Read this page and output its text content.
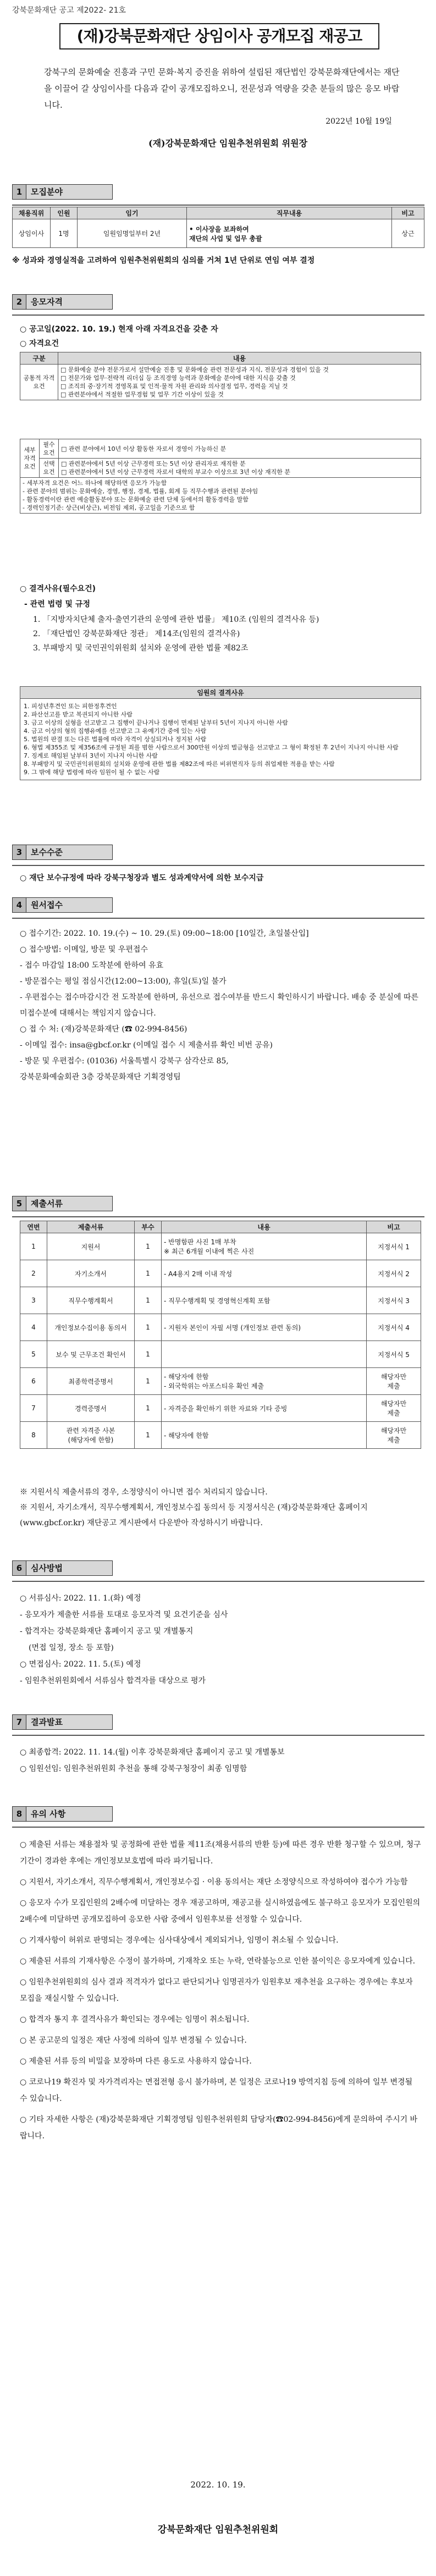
강북문화재단 공고 제2022- 21호
(재)강북문화재단 상임이사 공개모집 재공고
강북구의 문화예술 진흥과 구민 문화·복지 증진을 위하여 설립된 재단법인 강북문화재단에서는 재단을 이끌어 갈 상임이사를 다음과 같이 공개모집하오니, 전문성과 역량을 갖춘 분들의 많은 응모 바랍니다.
2022년 10월 19일
(재)강북문화재단 임원추천위원회 위원장
1	모집분야
채용직위	인원	임기	직무내용	비고
상임이사	1명	임원임명일부터 2년	• 이사장을 보좌하여
재단의 사업 및 업무 총괄	상근
※ 성과와 경영실적을 고려하여 임원추천위원회의 심의를 거쳐 1년 단위로 연임 여부 결정
2	응모자격
○ 공고일(2022. 10. 19.) 현재 아래 자격요건을 갖춘 자
○ 자격요건
구분	내용
공통적 자격요건	□ 문화예술 분야 전문가로서 설만예술 진흥 및 문화예술 관련 전문성과 지식, 전문성과 경험이 있을 것
□ 전문가와 업무·전략적 리더십 등 조직경영 능력과 문화예술 분야에 대한 지식을 갖출 것
□ 조직의 중·장기적 경영목표 및 인적·물적 자원 관리와 의사결정 업무, 경력을 지닐 것
□ 관련분야에서 적절한 업무경험 및 업무 기간 이상이 있을 것
세부자격요건	필수요건	□ 관련 분야에서 10년 이상 활동한 자로서 경영이 가능하신 분
	선택요건	□ 관련분야에서 5년 이상 근무경력 또는 5년 이상 관리자로 재직한 분
□ 관련분야에서 5년 이상 근무경력 자로서 대학의 부교수 이상으로 3년 이상 재직한 분

- 세부자격 요건은 어느 하나에 해당하면 응모가 가능함
- 관련 분야의 범위는 문화예술, 경영, 행정, 경제, 법률, 회계 등 직무수행과 관련된 분야임
- 활동경력이란 관련 예술활동분야 또는 문화예술 관련 단체 등에서의 활동경력을 말함
- 경력인정기준: 상근(비상근), 비전임 제외, 공고일을 기준으로 함		
○ 결격사유(필수요건)
- 관련 법령 및 규정
1. 「지방자치단체 출자·출연기관의 운영에 관한 법률」 제10조 (임원의 결격사유 등)
2. 「재단법인 강북문화재단 정관」 제14조(임원의 결격사유)
3. 부패방지 및 국민권익위원회 설치와 운영에 관한 법률 제82조
임원의 결격사유

1. 피성년후견인 또는 피한정후견인
2. 파산선고를 받고 복권되지 아니한 사람
3. 금고 이상의 실형을 선고받고 그 집행이 끝나거나 집행이 면제된 날부터 5년이 지나지 아니한 사람
4. 금고 이상의 형의 집행유예를 선고받고 그 유예기간 중에 있는 사람
5. 법원의 판결 또는 다른 법률에 따라 자격이 상실되거나 정지된 사람
6. 형법 제355조 및 제356조에 규정된 죄를 범한 사람으로서 300만원 이상의 벌금형을 선고받고 그 형이 확정된 후 2년이 지나지 아니한 사람
7. 징계로 해임된 날부터 3년이 지나지 아니한 사람
8. 부패방지 및 국민권익위원회의 설치와 운영에 관한 법률 제82조에 따른 비위면직자 등의 취업제한 적용을 받는 사람
9. 그 밖에 해당 법령에 따라 임원이 될 수 없는 사람
3	보수수준
○ 재단 보수규정에 따라 강북구청장과 별도 성과계약서에 의한 보수지급
4	원서접수
○ 접수기간: 2022. 10. 19.(수) ~ 10. 29.(토) 09:00~18:00 [10일간, 초일불산입]
○ 접수방법: 이메일, 방문 및 우편접수
- 접수 마감일 18:00 도착분에 한하여 유효
- 방문접수는 평일 점심시간(12:00~13:00), 휴일(토)일 불가
- 우편접수는 접수마감시간 전 도착분에 한하며, 유선으로 접수여부를 반드시 확인하시기 바랍니다. 배송 중 분실에 따른 미접수분에 대해서는 책임지지 않습니다.
○ 접 수 처: (재)강북문화재단 (☎ 02-994-8456)
- 이메일 접수: insa@gbcf.or.kr (이메일 접수 시 제출서류 확인 비번 공유)
- 방문 및 우편접수: (01036) 서울특별시 강북구 삼각산로 85,
강북문화예술회관 3층 강북문화재단 기획경영팀
5	제출서류
연번	제출서류	부수	내용	비고
1	지원서	1	- 반명함판 사진 1매 부착
※ 최근 6개월 이내에 찍은 사진	지정서식 1
2	자기소개서	1	- A4용지 2매 이내 작성	지정서식 2
3	직무수행계획서	1	- 직무수행계획 및 경영혁신계획 포함	지정서식 3
4	개인정보수집이용 동의서	1	- 지원자 본인이 자필 서명 (개인정보 관련 동의)	지정서식 4
5	보수 및 근무조건 확인서	1		지정서식 5
6	최종학력증명서	1	- 해당자에 한함
- 외국학위는 아포스티유 확인 제출	해당자만
제출
7	경력증명서	1	- 자격증을 확인하기 위한 자료와 기타 증빙	해당자만
제출
8	관련 자격증 사본
(해당자에 한함)	1	- 해당자에 한함	해당자만
제출
※ 지원서식 제출서류의 경우, 소정양식이 아니면 접수 처리되지 않습니다.
※ 지원서, 자기소개서, 직무수행계획서, 개인정보수집 동의서 등 지정서식은 (재)강북문화재단 홈페이지(www.gbcf.or.kr) 재단공고 게시판에서 다운받아 작성하시기 바랍니다.
6	심사방법
○ 서류심사: 2022. 11. 1.(화) 예정
- 응모자가 제출한 서류를 토대로 응모자격 및 요건기준을 심사
- 합격자는 강북문화재단 홈페이지 공고 및 개별통지
(면접 일정, 장소 등 포함)
○ 면접심사: 2022. 11. 5.(토) 예정
- 임원추천위원회에서 서류심사 합격자를 대상으로 평가
7	결과발표
○ 최종합격: 2022. 11. 14.(월) 이후 강북문화재단 홈페이지 공고 및 개별통보
○ 임원선임: 임원추천위원회 추천을 통해 강북구청장이 최종 임명함
8	유의 사항
○ 제출된 서류는 채용절차 및 공정화에 관한 법률 제11조(채용서류의 반환 등)에 따른 경우 반환 청구할 수 있으며, 청구기간이 경과한 후에는 개인정보보호법에 따라 파기됩니다.
○ 지원서, 자기소개서, 직무수행계획서, 개인정보수집 · 이용 동의서는 재단 소정양식으로 작성하여야 접수가 가능함
○ 응모자 수가 모집인원의 2배수에 미달하는 경우 재공고하며, 재공고를 실시하였음에도 불구하고 응모자가 모집인원의 2배수에 미달하면 공개모집하여 응모한 사람 중에서 임원후보를 선정할 수 있습니다.
○ 기재사항이 허위로 판명되는 경우에는 심사대상에서 제외되거나, 임명이 취소될 수 있습니다.
○ 제출된 서류의 기재사항은 수정이 불가하며, 기재착오 또는 누락, 연락불능으로 인한 불이익은 응모자에게 있습니다.
○ 임원추천위원회의 심사 결과 적격자가 없다고 판단되거나 임명권자가 임원후보 재추천을 요구하는 경우에는 후보자 모집을 재실시할 수 있습니다.
○ 합격자 통지 후 결격사유가 확인되는 경우에는 임명이 취소됩니다.
○ 본 공고문의 일정은 재단 사정에 의하여 일부 변경될 수 있습니다.
○ 제출된 서류 등의 비밀을 보장하며 다른 용도로 사용하지 않습니다.
○ 코로나19 확진자 및 자가격리자는 면접전형 응시 불가하며, 본 일정은 코로나19 방역지침 등에 의하여 일부 변경될 수 있습니다.
○ 기타 자세한 사항은 (재)강북문화재단 기획경영팀 임원추천위원회 담당자(☎02-994-8456)에게 문의하여 주시기 바랍니다.
2022. 10. 19.
강북문화재단 임원추천위원회
